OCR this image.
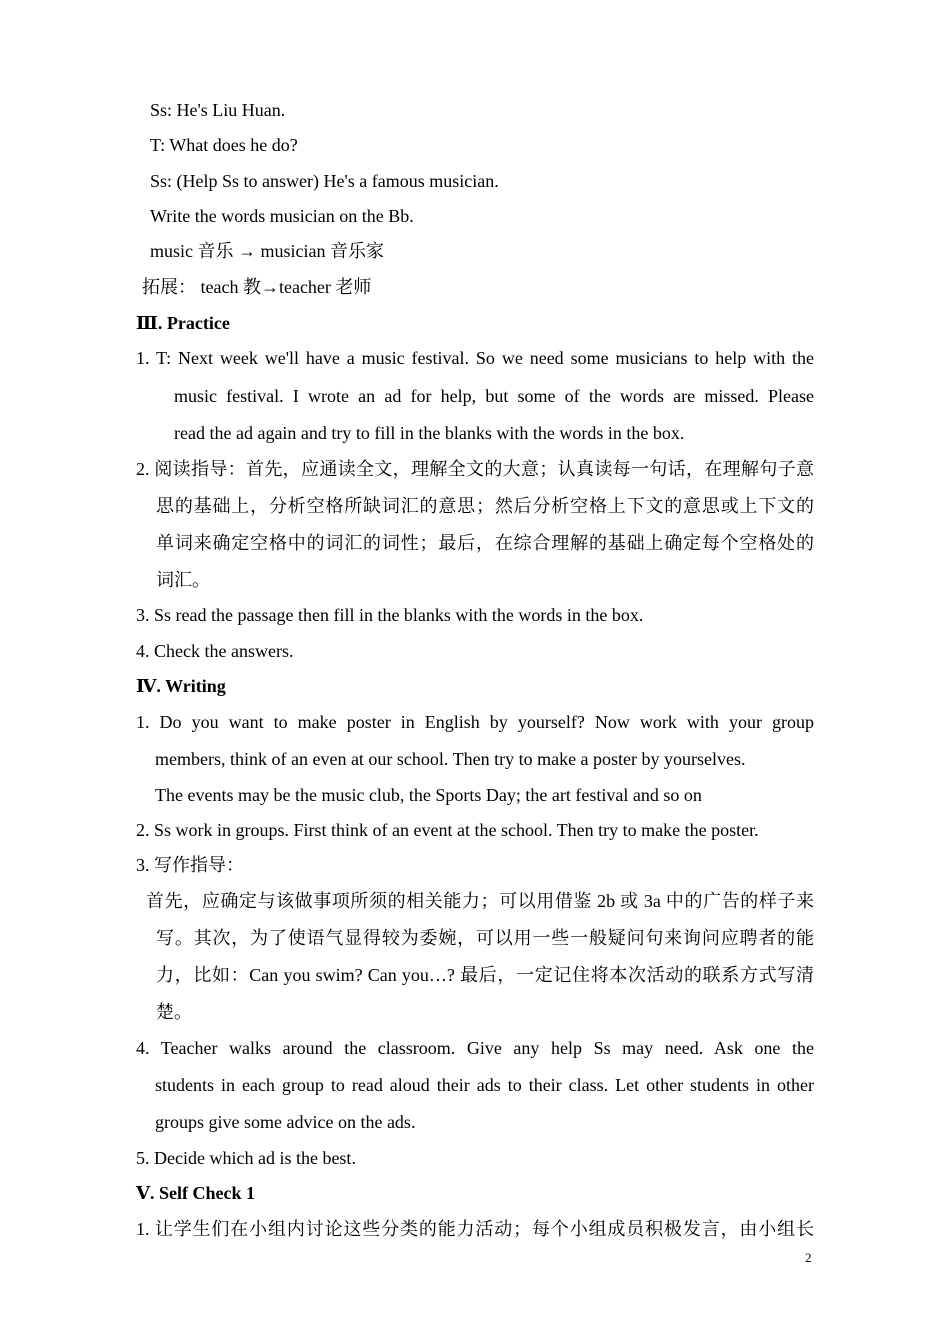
Ss: He's Liu Huan.
T: What does he do?
Ss: (Help Ss to answer) He's a famous musician.
Write the words musician on the Bb.
music 音乐 → musician 音乐家
拓展： teach 教→teacher 老师
Ⅲ. Practice
1. T: Next week we'll have a music festival. So we need some musicians to help with the
music festival. I wrote an ad for help, but some of the words are missed. Please
read the ad again and try to fill in the blanks with the words in the box.
2. 阅读指导：首先，应通读全文，理解全文的大意；认真读每一句话，在理解句子意
思的基础上，分析空格所缺词汇的意思；然后分析空格上下文的意思或上下文的
单词来确定空格中的词汇的词性；最后，在综合理解的基础上确定每个空格处的
词汇。
3. Ss read the passage then fill in the blanks with the words in the box.
4. Check the answers.
Ⅳ. Writing
1. Do you want to make poster in English by yourself? Now work with your group
members, think of an even at our school. Then try to make a poster by yourselves.
The events may be the music club, the Sports Day; the art festival and so on
2. Ss work in groups. First think of an event at the school. Then try to make the poster.
3. 写作指导：
首先，应确定与该做事项所须的相关能力；可以用借鉴 2b 或 3a 中的广告的样子来
写。其次，为了使语气显得较为委婉，可以用一些一般疑问句来询问应聘者的能
力，比如：Can you swim? Can you…? 最后，一定记住将本次活动的联系方式写清
楚。
4. Teacher walks around the classroom. Give any help Ss may need. Ask one the
students in each group to read aloud their ads to their class. Let other students in other
groups give some advice on the ads.
5. Decide which ad is the best.
Ⅴ. Self Check 1
1. 让学生们在小组内讨论这些分类的能力活动；每个小组成员积极发言，由小组长
2
